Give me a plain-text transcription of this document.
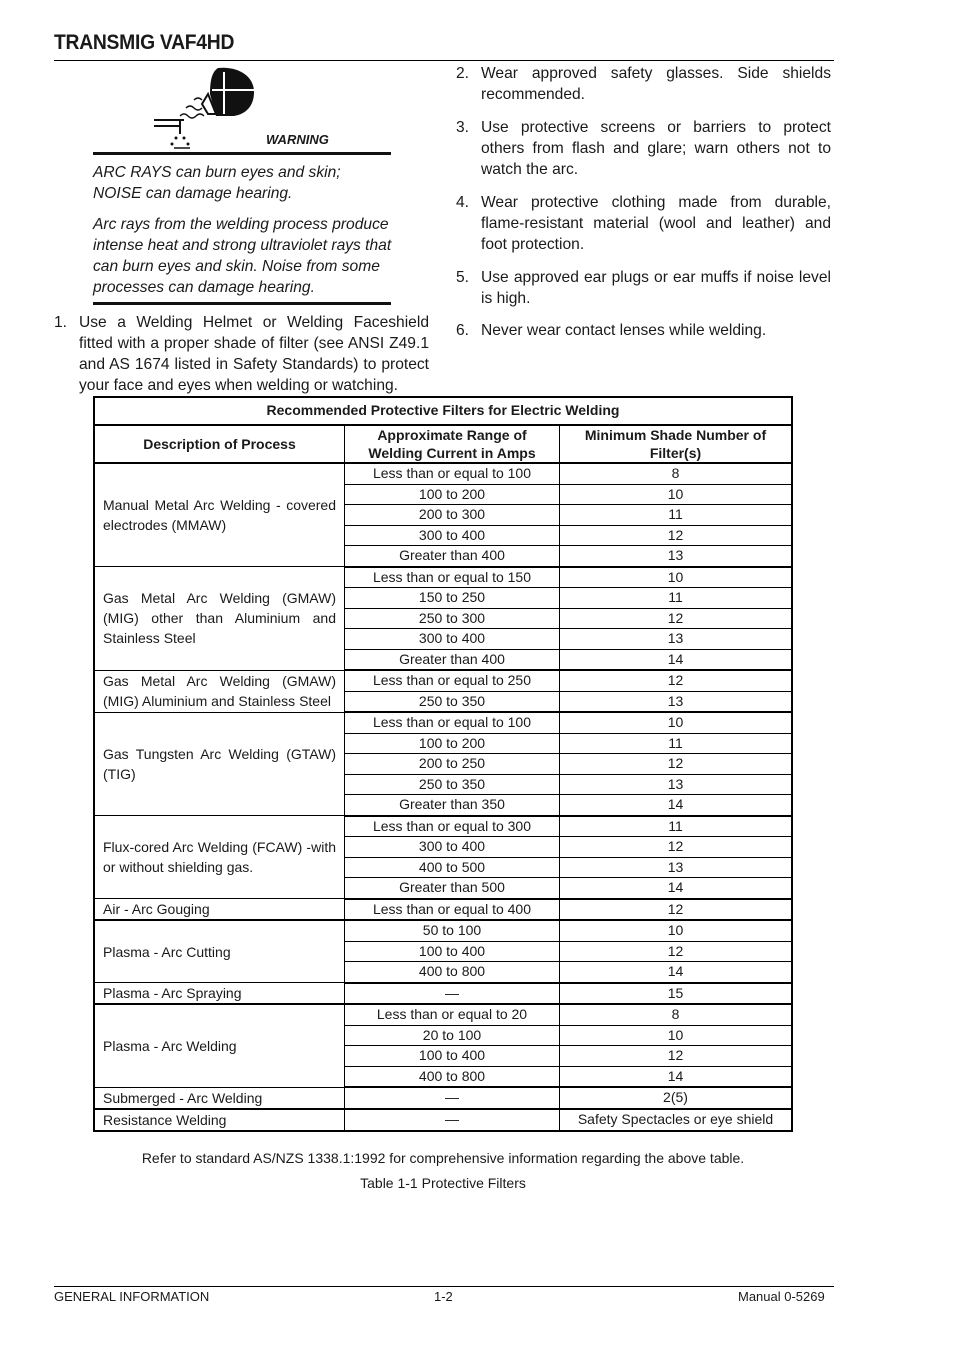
TRANSMIG VAF4HD
WARNING

ARC RAYS can burn eyes and skin; NOISE can damage hearing.

Arc rays from the welding process produce intense heat and strong ultraviolet rays that can burn eyes and skin. Noise from some processes can damage hearing.

1. Use a Welding Helmet or Welding Faceshield fitted with a proper shade of filter (see ANSI Z49.1 and AS 1674 listed in Safety Standards) to protect your face and eyes when welding or watching.
2. Wear approved safety glasses. Side shields recommended.
3. Use protective screens or barriers to protect others from flash and glare; warn others not to watch the arc.
4. Wear protective clothing made from durable, flame-resistant material (wool and leather) and foot protection.
5. Use approved ear plugs or ear muffs if noise level is high.
6. Never wear contact lenses while welding.
Recommended Protective Filters for Electric Welding		
Description of Process	Approximate Range of Welding Current in Amps	Minimum Shade Number of Filter(s)
Manual Metal Arc Welding - covered electrodes (MMAW)	Less than or equal to 100	8
	100 to 200	10
	200 to 300	11
	300 to 400	12
	Greater than 400	13
Gas Metal Arc Welding (GMAW) (MIG) other than Aluminium and Stainless Steel	Less than or equal to 150	10
	150 to 250	11
	250 to 300	12
	300 to 400	13
	Greater than 400	14
Gas Metal Arc Welding (GMAW) (MIG) Aluminium and Stainless Steel	Less than or equal to 250	12
	250 to 350	13
Gas Tungsten Arc Welding (GTAW) (TIG)	Less than or equal to 100	10
	100 to 200	11
	200 to 250	12
	250 to 350	13
	Greater than 350	14
Flux-cored Arc Welding (FCAW) -with or without shielding gas.	Less than or equal to 300	11
	300 to 400	12
	400 to 500	13
	Greater than 500	14
Air - Arc Gouging	Less than or equal to 400	12
Plasma - Arc Cutting	50 to 100	10
	100 to 400	12
	400 to 800	14
Plasma - Arc Spraying	—	15
Plasma - Arc Welding	Less than or equal to 20	8
	20 to 100	10
	100 to 400	12
	400 to 800	14
Submerged - Arc Welding	—	2(5)
Resistance Welding	—	Safety Spectacles or eye shield
Refer to standard AS/NZS 1338.1:1992 for comprehensive information regarding the above table.
Table 1-1 Protective Filters
GENERAL INFORMATION	1-2	Manual 0-5269
